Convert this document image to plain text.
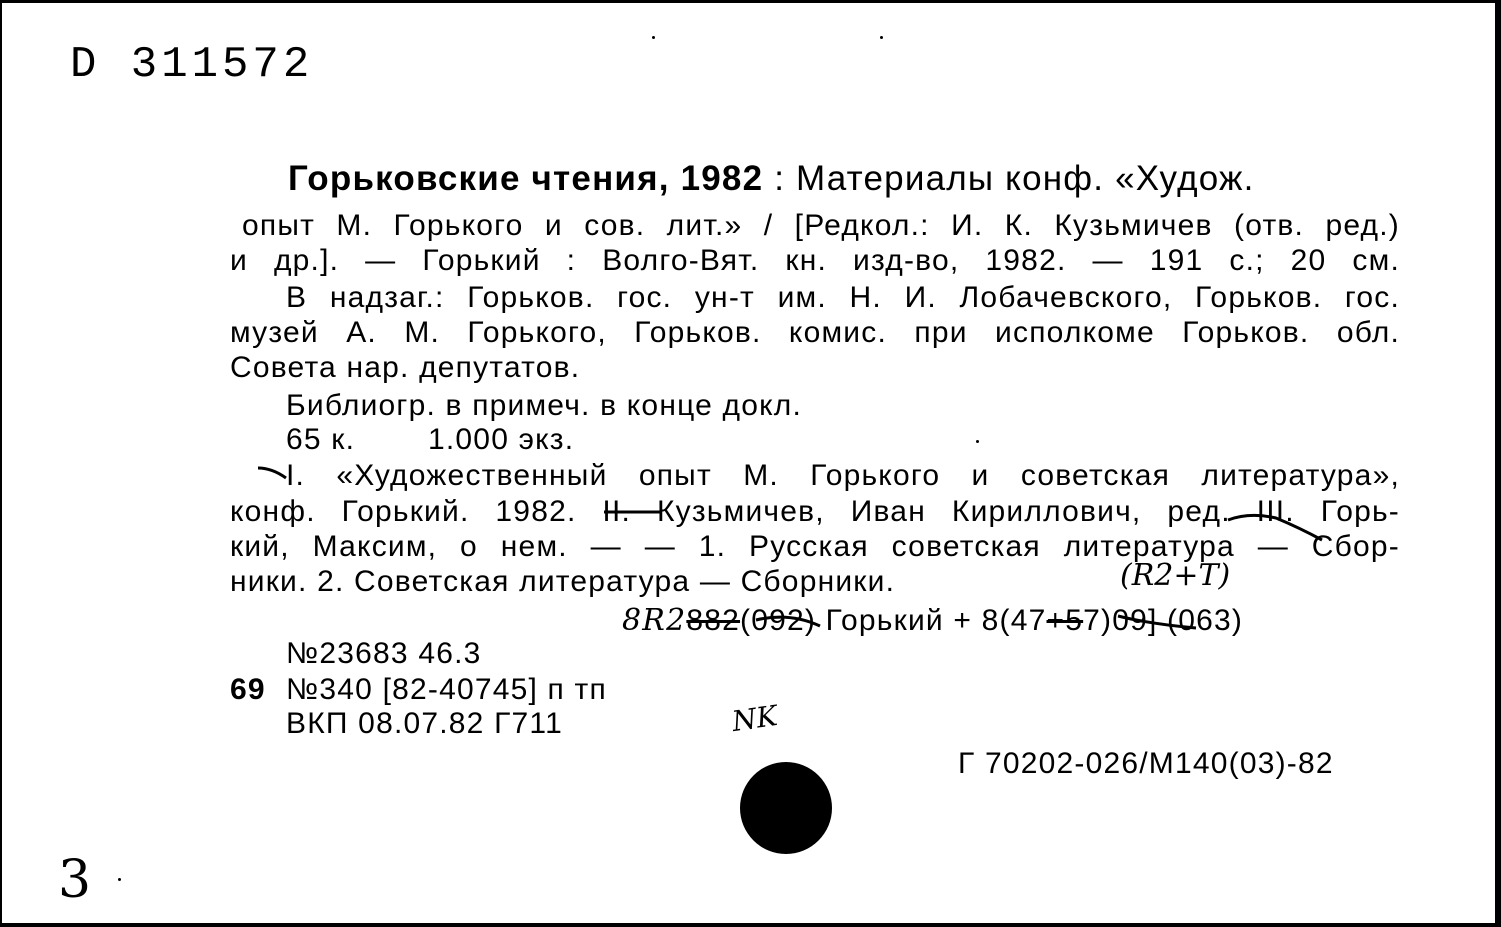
D 311572
Горьковские чтения, 1982 : Материалы конф. «Худож.
опыт М. Горького и сов. лит.» / [Редкол.: И. К. Кузьмичев (отв. ред.)
и др.]. — Горький : Волго-Вят. кн. изд-во, 1982. — 191 с.; 20 см.
В надзаг.: Горьков. гос. ун-т им. Н. И. Лобачевского, Горьков. гос.
музей А. М. Горького, Горьков. комис. при исполкоме Горьков. обл.
Совета нар. депутатов.
Библиогр. в примеч. в конце докл.
65 к. 1.000 экз.
I. «Художественный опыт М. Горького и советская литература»,
конф. Горький. 1982. II. Кузьмичев, Иван Кириллович, ред. III. Горь-
кий, Максим, о нем. — — 1. Русская советская литература — Сбор-
ники. 2. Советская литература — Сборники.	(R2+T)
8R2882(092) Горький + 8(47+57)09] (063)
№23683 46.3
69 №340 [82-40745] п тп
ВКП 08.07.82 Г711	NK
Г 70202-026/М140(03)-82
3
